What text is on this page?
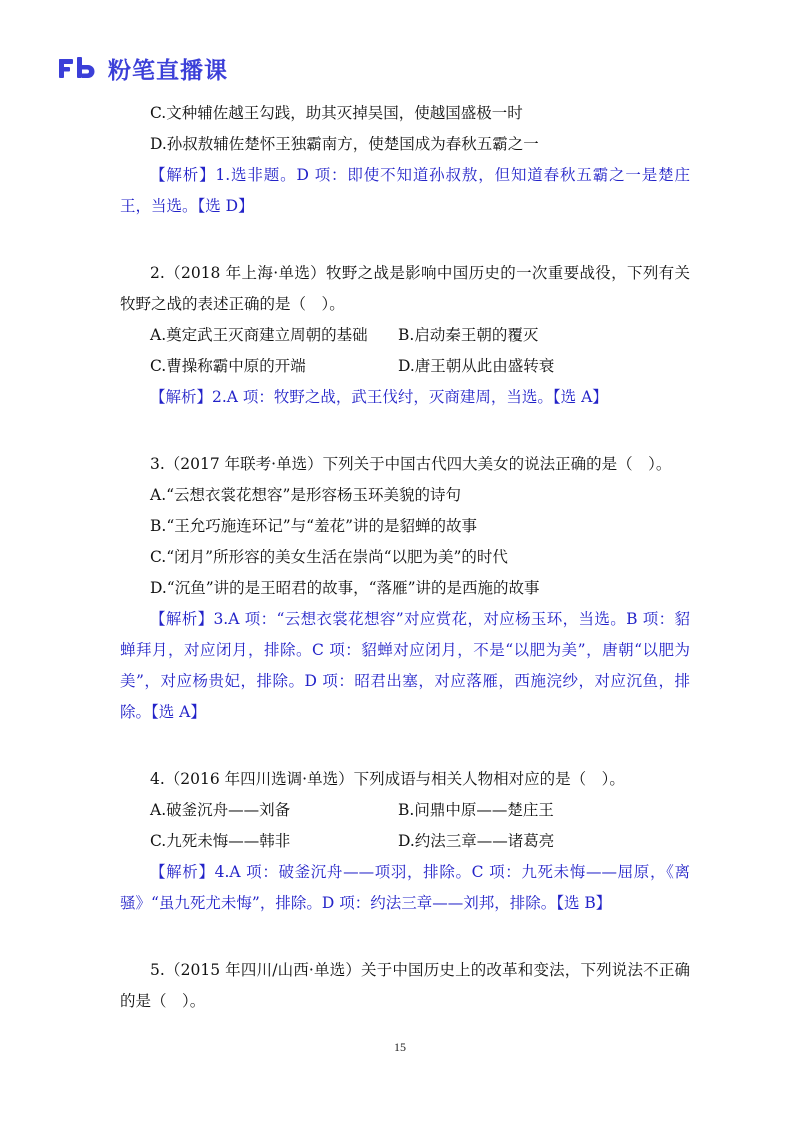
粉笔直播课
C.文种辅佐越王勾践，助其灭掉吴国，使越国盛极一时
D.孙叔敖辅佐楚怀王独霸南方，使楚国成为春秋五霸之一

【解析】1.选非题。D 项：即使不知道孙叔敖，但知道春秋五霸之一是楚庄王，当选。【选 D】

2.（2018 年上海·单选）牧野之战是影响中国历史的一次重要战役，下列有关牧野之战的表述正确的是（　）。

A.奠定武王灭商建立周朝的基础	B.启动秦王朝的覆灭
C.曹操称霸中原的开端	D.唐王朝从此由盛转衰

【解析】2.A 项：牧野之战，武王伐纣，灭商建周，当选。【选 A】

3.（2017 年联考·单选）下列关于中国古代四大美女的说法正确的是（　）。

A.“云想衣裳花想容”是形容杨玉环美貌的诗句
B.“王允巧施连环记”与“羞花”讲的是貂蝉的故事
C.“闭月”所形容的美女生活在崇尚“以肥为美”的时代
D.“沉鱼”讲的是王昭君的故事，“落雁”讲的是西施的故事

【解析】3.A 项：“云想衣裳花想容”对应赏花，对应杨玉环，当选。B 项：貂蝉拜月，对应闭月，排除。C 项：貂蝉对应闭月，不是“以肥为美”，唐朝“以肥为美”，对应杨贵妃，排除。D 项：昭君出塞，对应落雁，西施浣纱，对应沉鱼，排除。【选 A】

4.（2016 年四川选调·单选）下列成语与相关人物相对应的是（　）。

A.破釜沉舟——刘备	B.问鼎中原——楚庄王
C.九死未悔——韩非	D.约法三章——诸葛亮

【解析】4.A 项：破釜沉舟——项羽，排除。C 项：九死未悔——屈原，《离骚》“虽九死尤未悔”，排除。D 项：约法三章——刘邦，排除。【选 B】

5.（2015 年四川/山西·单选）关于中国历史上的改革和变法，下列说法不正确的是（　）。

15
